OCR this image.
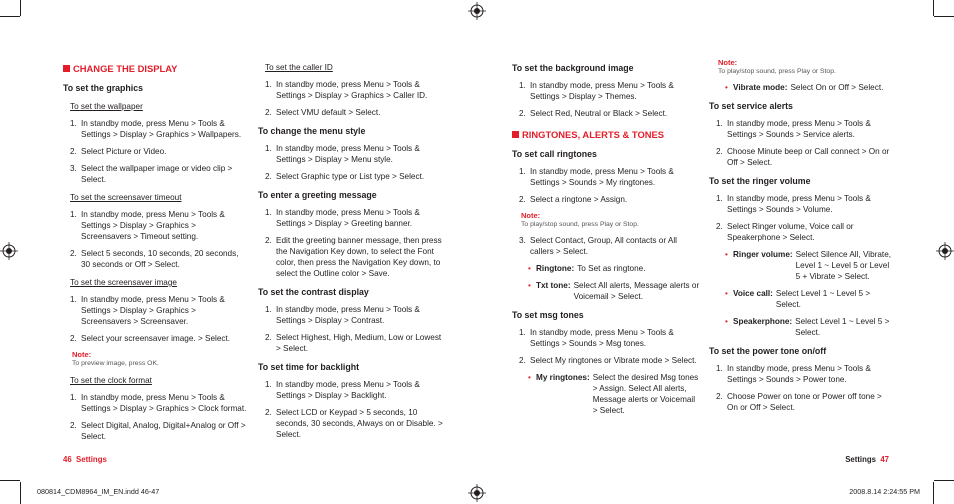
CHANGE THE DISPLAY
To set the graphics
To set the wallpaper
1. In standby mode, press Menu > Tools & Settings > Display > Graphics > Wallpapers.
2. Select Picture or Video.
3. Select the wallpaper image or video clip > Select.
To set the screensaver timeout
1. In standby mode, press Menu > Tools & Settings > Display > Graphics > Screensavers > Timeout setting.
2. Select 5 seconds, 10 seconds, 20 seconds, 30 seconds or Off > Select.
To set the screensaver image
1. In standby mode, press Menu > Tools & Settings > Display > Graphics > Screensavers > Screensaver.
2. Select your screensaver image. > Select.
Note:
To preview image, press OK.
To set the clock format
1. In standby mode, press Menu > Tools & Settings > Display > Graphics > Clock format.
2. Select Digital, Analog, Digital+Analog or Off > Select.
To set the caller ID
1. In standby mode, press Menu > Tools & Settings > Display > Graphics > Caller ID.
2. Select VMU default > Select.
To change the menu style
1. In standby mode, press Menu > Tools & Settings > Display > Menu style.
2. Select Graphic type or List type > Select.
To enter a greeting message
1. In standby mode, press Menu > Tools & Settings > Display > Greeting banner.
2. Edit the greeting banner message, then press the Navigation Key down, to select the Font color, then press the Navigation Key down, to select the Outline color > Save.
To set the contrast display
1. In standby mode, press Menu > Tools & Settings > Display > Contrast.
2. Select Highest, High, Medium, Low or Lowest > Select.
To set time for backlight
1. In standby mode, press Menu > Tools & Settings > Display > Backlight.
2. Select LCD or Keypad > 5 seconds, 10 seconds, 30 seconds, Always on or Disable. > Select.
To set the background image
1. In standby mode, press Menu > Tools & Settings > Display > Themes.
2. Select Red, Neutral or Black > Select.
RINGTONES, ALERTS & TONES
To set call ringtones
1. In standby mode, press Menu > Tools & Settings > Sounds > My ringtones.
2. Select a ringtone > Assign.
Note:
To play/stop sound, press Play or Stop.
3. Select Contact, Group, All contacts or All callers > Select.
• Ringtone: To Set as ringtone.
• Txt tone: Select All alerts, Message alerts or Voicemail > Select.
To set msg tones
1. In standby mode, press Menu > Tools & Settings > Sounds > Msg tones.
2. Select My ringtones or Vibrate mode > Select.
• My ringtones: Select the desired Msg tones > Assign. Select All alerts, Message alerts or Voicemail > Select.
Note:
To play/stop sound, press Play or Stop.
• Vibrate mode: Select On or Off > Select.
To set service alerts
1. In standby mode, press Menu > Tools & Settings > Sounds > Service alerts.
2. Choose Minute beep or Call connect > On or Off > Select.
To set the ringer volume
1. In standby mode, press Menu > Tools & Settings > Sounds > Volume.
2. Select Ringer volume, Voice call or Speakerphone > Select.
• Ringer volume: Select Silence All, Vibrate, Level 1 ~ Level 5 or Level 5 + Vibrate > Select.
• Voice call: Select Level 1 ~ Level 5 > Select.
• Speakerphone: Select Level 1 ~ Level 5 > Select.
To set the power tone on/off
1. In standby mode, press Menu > Tools & Settings > Sounds > Power tone.
2. Choose Power on tone or Power off tone > On or Off > Select.
46 Settings	Settings 47
080814_CDM8964_IM_EN.indd 46-47	2008.8.14 2:24:55 PM
